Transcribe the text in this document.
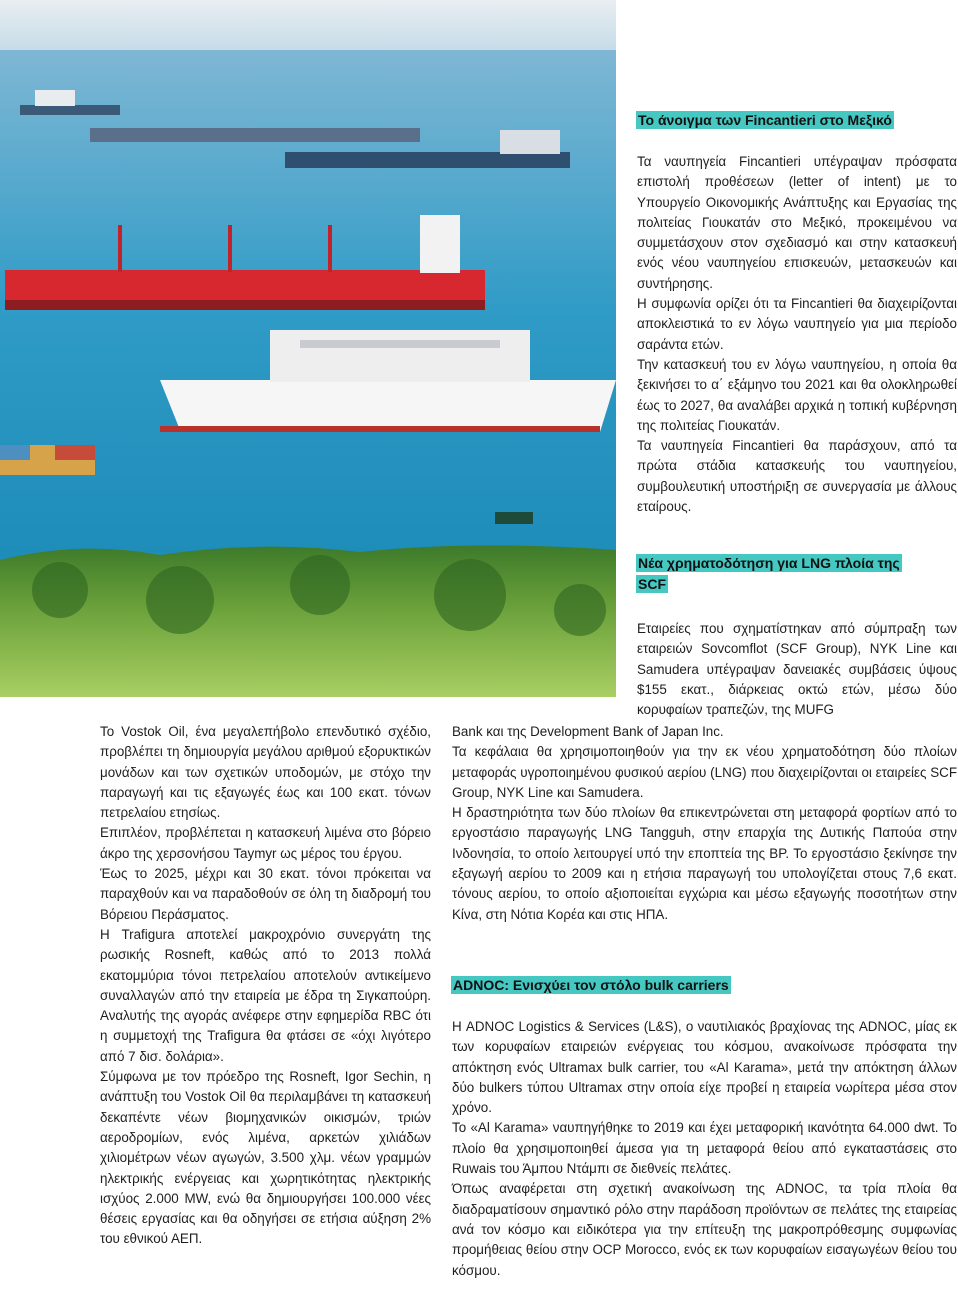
Το άνοιγμα των Fincantieri στο Μεξικό

Τα ναυπηγεία Fincantieri υπέγραψαν πρόσφατα επιστολή προθέσεων (letter of intent) με το Υπουργείο Οικονομικής Ανάπτυξης και Εργασίας της πολιτείας Γιουκατάν στο Μεξικό, προκειμένου να συμμετάσχουν στον σχεδιασμό και στην κατασκευή ενός νέου ναυπηγείου επισκευών, μετασκευών και συντήρησης.

Η συμφωνία ορίζει ότι τα Fincantieri θα διαχειρίζονται αποκλειστικά το εν λόγω ναυπηγείο για μια περίοδο σαράντα ετών.

Την κατασκευή του εν λόγω ναυπηγείου, η οποία θα ξεκινήσει το α΄ εξάμηνο του 2021 και θα ολοκληρωθεί έως το 2027, θα αναλάβει αρχικά η τοπική κυβέρνηση της πολιτείας Γιουκατάν.

Τα ναυπηγεία Fincantieri θα παράσχουν, από τα πρώτα στάδια κατασκευής του ναυπηγείου, συμβουλευτική υποστήριξη σε συνεργασία με άλλους εταίρους.

Νέα χρηματοδότηση για LNG πλοία της SCF

Εταιρείες που σχηματίστηκαν από σύμπραξη των εταιρειών Sovcomflot (SCF Group), NYK Line και Samudera υπέγραψαν δανειακές συμβάσεις ύψους $155 εκατ., διάρκειας οκτώ ετών, μέσω δύο κορυφαίων τραπεζών, της MUFG

Bank και της Development Bank of Japan Inc.

Τα κεφάλαια θα χρησιμοποιηθούν για την εκ νέου χρηματοδότηση δύο πλοίων μεταφοράς υγροποιημένου φυσικού αερίου (LNG) που διαχειρίζονται οι εταιρείες SCF Group, NYK Line και Samudera.

Η δραστηριότητα των δύο πλοίων θα επικεντρώνεται στη μεταφορά φορτίων από το εργοστάσιο παραγωγής LNG Tangguh, στην επαρχία της Δυτικής Παπούα στην Ινδονησία, το οποίο λειτουργεί υπό την εποπτεία της BP. Το εργοστάσιο ξεκίνησε την εξαγωγή αερίου το 2009 και η ετήσια παραγωγή του υπολογίζεται στους 7,6 εκατ. τόνους αερίου, το οποίο αξιοποιείται εγχώρια και μέσω εξαγωγής ποσοτήτων στην Κίνα, στη Νότια Κορέα και στις ΗΠΑ.

ADNOC: Ενισχύει τον στόλο bulk carriers

Η ADNOC Logistics & Services (L&S), ο ναυτιλιακός βραχίονας της ADNOC, μίας εκ των κορυφαίων εταιρειών ενέργειας του κόσμου, ανακοίνωσε πρόσφατα την απόκτηση ενός Ultramax bulk carrier, του «Al Karama», μετά την απόκτηση άλλων δύο bulkers τύπου Ultramax στην οποία είχε προβεί η εταιρεία νωρίτερα μέσα στον χρόνο.

Το «Al Karama» ναυπηγήθηκε το 2019 και έχει μεταφορική ικανότητα 64.000 dwt. Το πλοίο θα χρησιμοποιηθεί άμεσα για τη μεταφορά θείου από εγκαταστάσεις στο Ruwais του Άμπου Ντάμπι σε διεθνείς πελάτες.

Όπως αναφέρεται στη σχετική ανακοίνωση της ADNOC, τα τρία πλοία θα διαδραματίσουν σημαντικό ρόλο στην παράδοση προϊόντων σε πελάτες της εταιρείας ανά τον κόσμο και ειδικότερα για την επίτευξη της μακροπρόθεσμης συμφωνίας προμήθειας θείου στην OCP Morocco, ενός εκ των κορυφαίων εισαγωγέων θείου του κόσμου.

Το Vostok Oil, ένα μεγαλεπήβολο επενδυτικό σχέδιο, προβλέπει τη δημιουργία μεγάλου αριθμού εξορυκτικών μονάδων και των σχετικών υποδομών, με στόχο την παραγωγή και τις εξαγωγές έως και 100 εκατ. τόνων πετρελαίου ετησίως.

Επιπλέον, προβλέπεται η κατασκευή λιμένα στο βόρειο άκρο της χερσονήσου Taymyr ως μέρος του έργου.

Έως το 2025, μέχρι και 30 εκατ. τόνοι πρόκειται να παραχθούν και να παραδοθούν σε όλη τη διαδρομή του Βόρειου Περάσματος.

Η Trafigura αποτελεί μακροχρόνιο συνεργάτη της ρωσικής Rosneft, καθώς από το 2013 πολλά εκατομμύρια τόνοι πετρελαίου αποτελούν αντικείμενο συναλλαγών από την εταιρεία με έδρα τη Σιγκαπούρη. Αναλυτής της αγοράς ανέφερε στην εφημερίδα RBC ότι η συμμετοχή της Trafigura θα φτάσει σε «όχι λιγότερο από 7 δισ. δολάρια».

Σύμφωνα με τον πρόεδρο της Rosneft, Igor Sechin, η ανάπτυξη του Vostok Oil θα περιλαμβάνει τη κατασκευή δεκαπέντε νέων βιομηχανικών οικισμών, τριών αεροδρομίων, ενός λιμένα, αρκετών χιλιάδων χιλιομέτρων νέων αγωγών, 3.500 χλμ. νέων γραμμών ηλεκτρικής ενέργειας και χωρητικότητας ηλεκτρικής ισχύος 2.000 MW, ενώ θα δημιουργήσει 100.000 νέες θέσεις εργασίας και θα οδηγήσει σε ετήσια αύξηση 2% του εθνικού ΑΕΠ.
